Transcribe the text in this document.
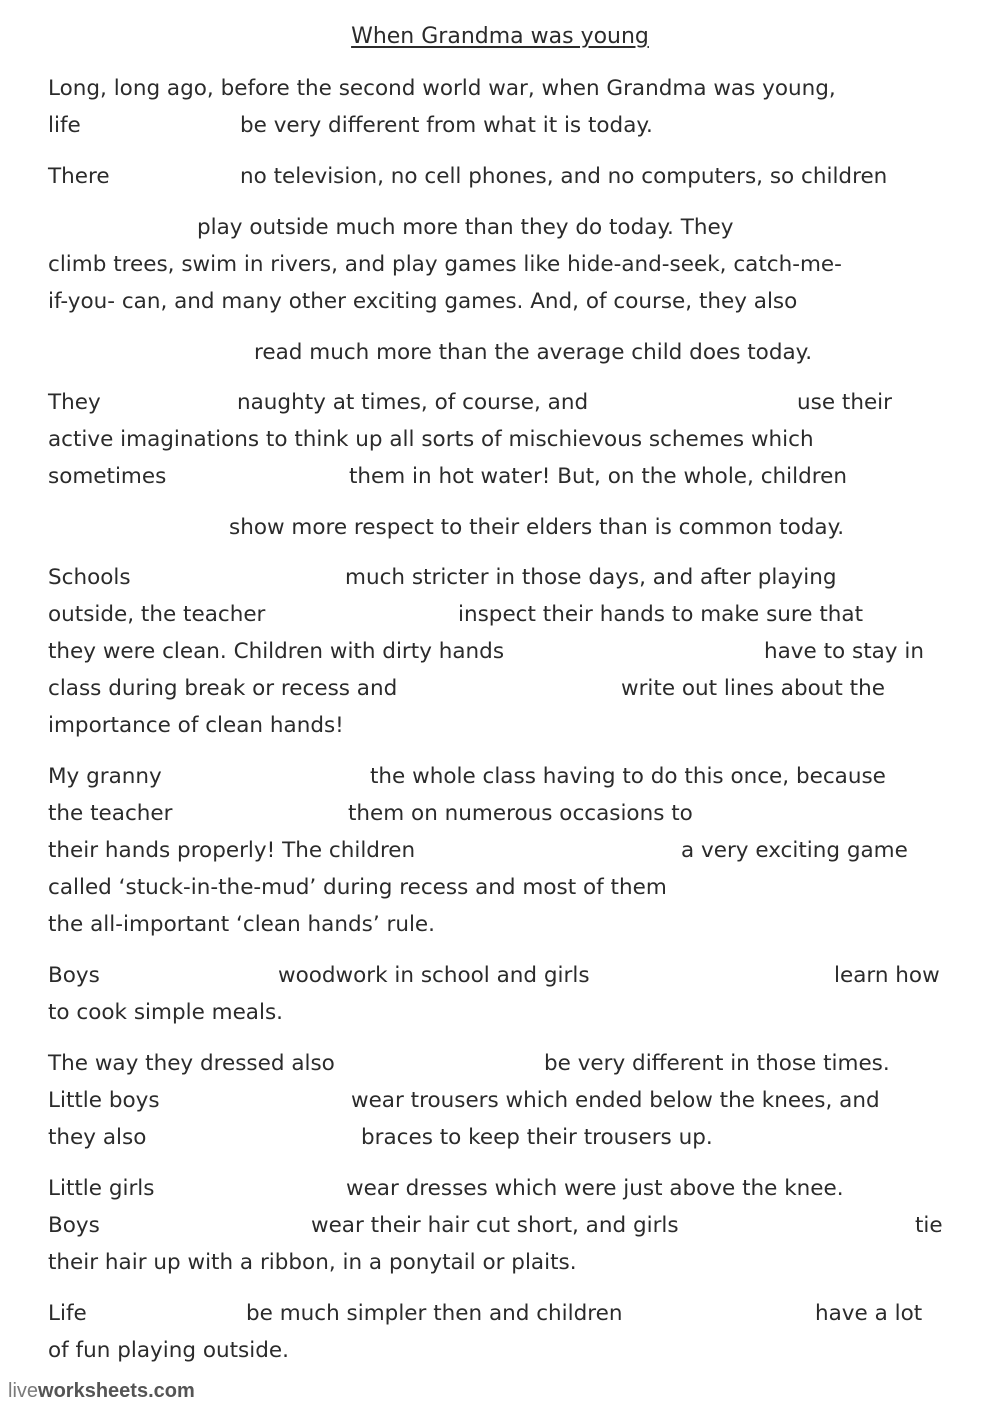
When Grandma was young
Long, long ago, before the second world war, when Grandma was young,
life	be very different from what it is today.
There	no television, no cell phones, and no computers, so children
play outside much more than they do today. They
climb trees, swim in rivers, and play games like hide-and-seek, catch-me-
if-you- can, and many other exciting games. And, of course, they also
read much more than the average child does today.
They	naughty at times, of course, and	use their
active imaginations to think up all sorts of mischievous schemes which
sometimes	them in hot water! But, on the whole, children
show more respect to their elders than is common today.
Schools	much stricter in those days, and after playing
outside, the teacher	inspect their hands to make sure that
they were clean. Children with dirty hands	have to stay in
class during break or recess and	write out lines about the
importance of clean hands!
My granny	the whole class having to do this once, because
the teacher	them on numerous occasions to
their hands properly! The children	a very exciting game
called ‘stuck-in-the-mud’ during recess and most of them
the all-important ‘clean hands’ rule.
Boys	woodwork in school and girls	learn how
to cook simple meals.
The way they dressed also	be very different in those times.
Little boys	wear trousers which ended below the knees, and
they also	braces to keep their trousers up.
Little girls	wear dresses which were just above the knee.
Boys	wear their hair cut short, and girls	tie
their hair up with a ribbon, in a ponytail or plaits.
Life	be much simpler then and children	have a lot
of fun playing outside.
liveworksheets.com
